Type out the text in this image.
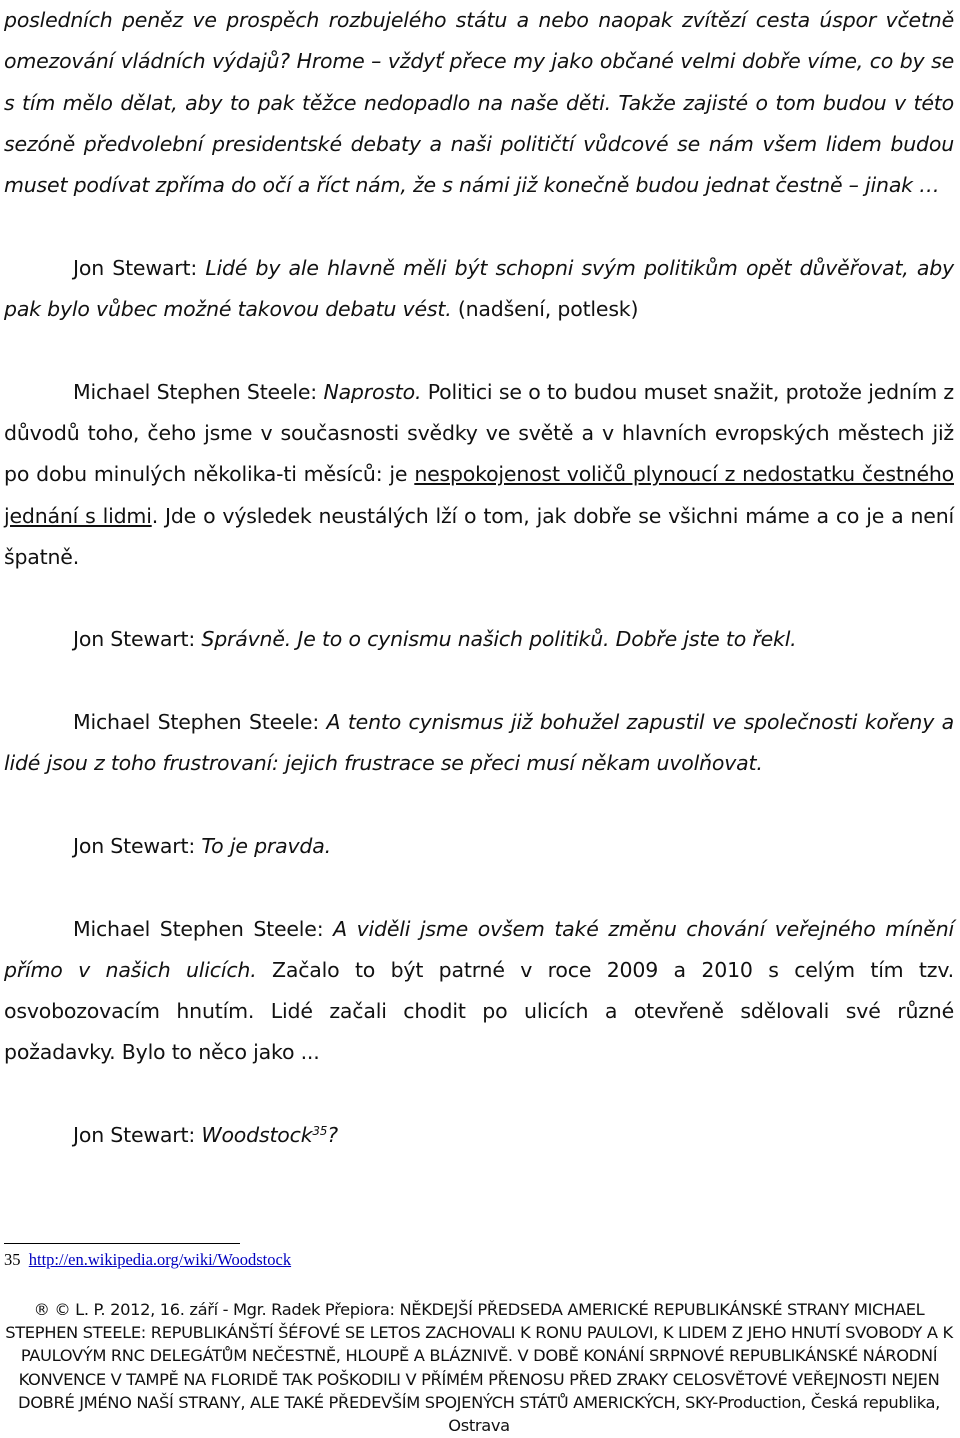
posledních peněz ve prospěch rozbujelého státu a nebo naopak zvítězí cesta úspor včetně omezování vládních výdajů? Hrome – vždyť přece my jako občané velmi dobře víme, co by se s tím mělo dělat, aby to pak těžce nedopadlo na naše děti. Takže zajisté o tom budou v této sezóně předvolební presidentské debaty a naši političtí vůdcové se nám všem lidem budou muset podívat zpříma do očí a říct nám, že s námi již konečně budou jednat čestně – jinak …

Jon Stewart: Lidé by ale hlavně měli být schopni svým politikům opět důvěřovat, aby pak bylo vůbec možné takovou debatu vést. (nadšení, potlesk)

Michael Stephen Steele: Naprosto. Politici se o to budou muset snažit, protože jedním z důvodů toho, čeho jsme v současnosti svědky ve světě a v hlavních evropských městech již po dobu minulých několika-ti měsíců: je nespokojenost voličů plynoucí z nedostatku čestného jednání s lidmi. Jde o výsledek neustálých lží o tom, jak dobře se všichni máme a co je a není špatně.

Jon Stewart: Správně. Je to o cynismu našich politiků. Dobře jste to řekl.

Michael Stephen Steele: A tento cynismus již bohužel zapustil ve společnosti kořeny a lidé jsou z toho frustrovaní: jejich frustrace se přeci musí někam uvolňovat.

Jon Stewart: To je pravda.

Michael Stephen Steele: A viděli jsme ovšem také změnu chování veřejného mínění přímo v našich ulicích. Začalo to být patrné v roce 2009 a 2010 s celým tím tzv. osvobozovacím hnutím. Lidé začali chodit po ulicích a otevřeně sdělovali své různé požadavky. Bylo to něco jako ...

Jon Stewart: Woodstock$^{35}$?

35 http://en.wikipedia.org/wiki/Woodstock
® © L. P. 2012, 16. září - Mgr. Radek Přepiora: NĚKDEJŠÍ PŘEDSEDA AMERICKÉ REPUBLIKÁNSKÉ STRANY MICHAEL STEPHEN STEELE: REPUBLIKÁNŠTÍ ŠÉFOVÉ SE LETOS ZACHOVALI K RONU PAULOVI, K LIDEM Z JEHO HNUTÍ SVOBODY A K PAULOVÝM RNC DELEGÁTŮM NEČESTNĚ, HLOUPĚ A BLÁZNIVĚ. V DOBĚ KONÁNÍ SRPNOVÉ REPUBLIKÁNSKÉ NÁRODNÍ KONVENCE V TAMPĚ NA FLORIDĚ TAK POŠKODILI V PŘÍMÉM PŘENOSU PŘED ZRAKY CELOSVĚTOVÉ VEŘEJNOSTI NEJEN DOBRÉ JMÉNO NAŠÍ STRANY, ALE TAKÉ PŘEDEVŠÍM SPOJENÝCH STÁTŮ AMERICKÝCH, SKY-Production, Česká republika, Ostrava
